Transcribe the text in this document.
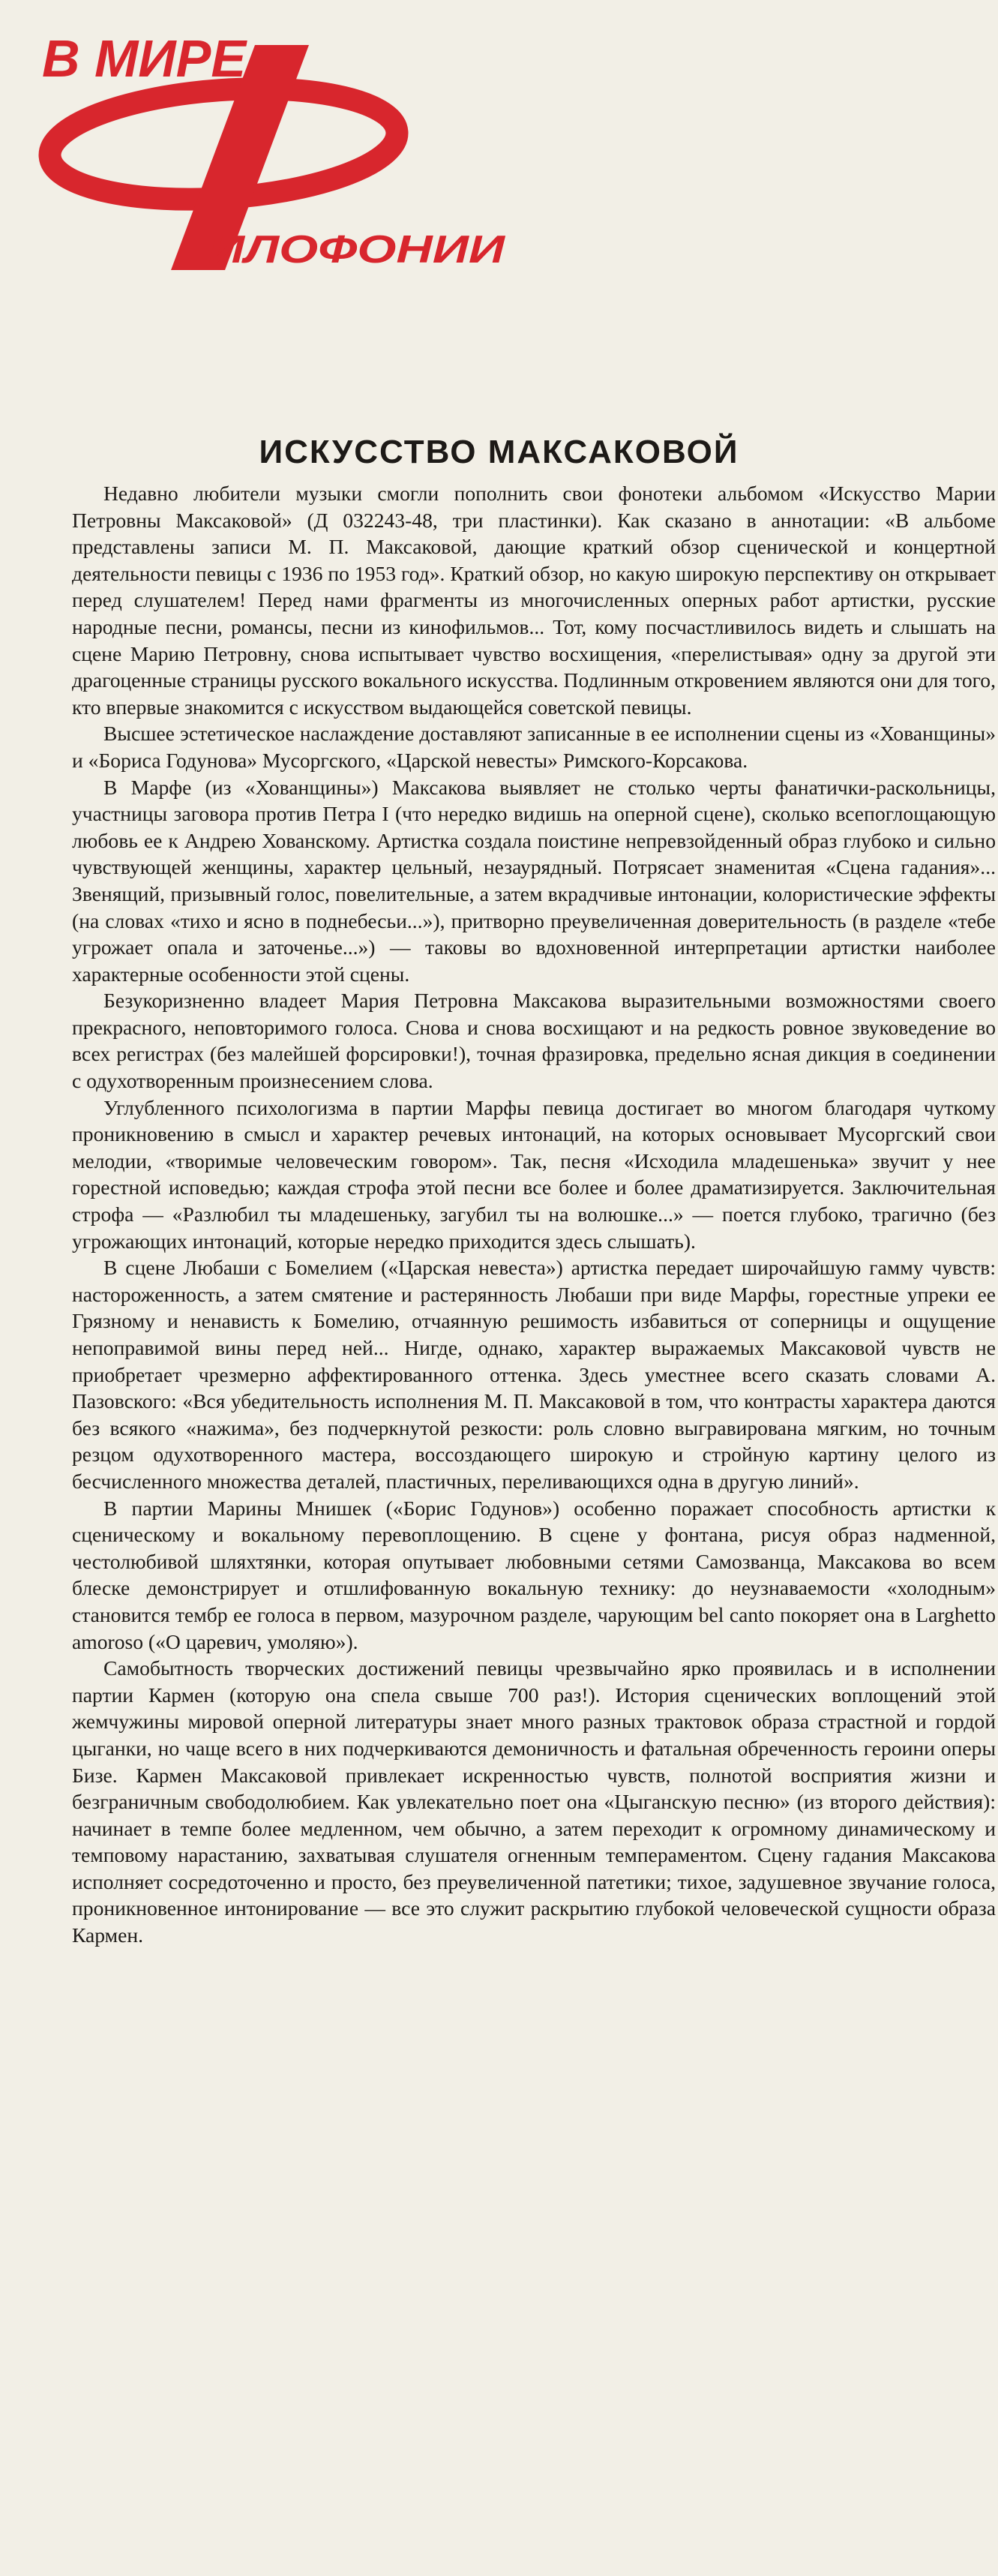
В МИРЕ
ИЛОФОНИИ
ИСКУССТВО МАКСАКОВОЙ

Недавно любители музыки смогли пополнить свои фонотеки альбомом «Искусство Марии Петровны Максаковой» (Д 032243-48, три пластинки). Как сказано в аннотации: «В альбоме представлены записи М. П. Максаковой, дающие краткий обзор сценической и концертной деятельности певицы с 1936 по 1953 год». Краткий обзор, но какую широкую перспективу он открывает перед слушателем! Перед нами фрагменты из многочисленных оперных работ артистки, русские народные песни, романсы, песни из кинофильмов... Тот, кому посчастливилось видеть и слышать на сцене Марию Петровну, снова испытывает чувство восхищения, «перелистывая» одну за другой эти драгоценные страницы русского вокального искусства. Подлинным откровением являются они для того, кто впервые знакомится с искусством выдающейся советской певицы.

Высшее эстетическое наслаждение доставляют записанные в ее исполнении сцены из «Хованщины» и «Бориса Годунова» Мусоргского, «Царской невесты» Римского-Корсакова.

В Марфе (из «Хованщины») Максакова выявляет не столько черты фанатички-раскольницы, участницы заговора против Петра I (что нередко видишь на оперной сцене), сколько всепоглощающую любовь ее к Андрею Хованскому. Артистка создала поистине непревзойденный образ глубоко и сильно чувствующей женщины, характер цельный, незаурядный. Потрясает знаменитая «Сцена гадания»... Звенящий, призывный голос, повелительные, а затем вкрадчивые интонации, колористические эффекты (на словах «тихо и ясно в поднебесьи...»), притворно преувеличенная доверительность (в разделе «тебе угрожает опала и заточенье...») — таковы во вдохновенной интерпретации артистки наиболее характерные особенности этой сцены.

Безукоризненно владеет Мария Петровна Максакова выразительными возможностями своего прекрасного, неповторимого голоса. Снова и снова восхищают и на редкость ровное звуковедение во всех регистрах (без малейшей форсировки!), точная фразировка, предельно ясная дикция в соединении с одухотворенным произнесением слова.

Углубленного психологизма в партии Марфы певица достигает во многом благодаря чуткому проникновению в смысл и характер речевых интонаций, на которых основывает Мусоргский свои мелодии, «творимые человеческим говором». Так, песня «Исходила младешенька» звучит у нее горестной исповедью; каждая строфа этой песни все более и более драматизируется. Заключительная строфа — «Разлюбил ты младешеньку, загубил ты на волюшке...» — поется глубоко, трагично (без угрожающих интонаций, которые нередко приходится здесь слышать).

В сцене Любаши с Бомелием («Царская невеста») артистка передает широчайшую гамму чувств: настороженность, а затем смятение и растерянность Любаши при виде Марфы, горестные упреки ее Грязному и ненависть к Бомелию, отчаянную решимость избавиться от соперницы и ощущение непоправимой вины перед ней... Нигде, однако, характер выражаемых Максаковой чувств не приобретает чрезмерно аффектированного оттенка. Здесь уместнее всего сказать словами А. Пазовского: «Вся убедительность исполнения М. П. Максаковой в том, что контрасты характера даются без всякого «нажима», без подчеркнутой резкости: роль словно выгравирована мягким, но точным резцом одухотворенного мастера, воссоздающего широкую и стройную картину целого из бесчисленного множества деталей, пластичных, переливающихся одна в другую линий».

В партии Марины Мнишек («Борис Годунов») особенно поражает способность артистки к сценическому и вокальному перевоплощению. В сцене у фонтана, рисуя образ надменной, честолюбивой шляхтянки, которая опутывает любовными сетями Самозванца, Максакова во всем блеске демонстрирует и отшлифованную вокальную технику: до неузнаваемости «холодным» становится тембр ее голоса в первом, мазурочном разделе, чарующим bel canto покоряет она в Larghetto amoroso («О царевич, умоляю»).

Самобытность творческих достижений певицы чрезвычайно ярко проявилась и в исполнении партии Кармен (которую она спела свыше 700 раз!). История сценических воплощений этой жемчужины мировой оперной литературы знает много разных трактовок образа страстной и гордой цыганки, но чаще всего в них подчеркиваются демоничность и фатальная обреченность героини оперы Бизе. Кармен Максаковой привлекает искренностью чувств, полнотой восприятия жизни и безграничным свободолюбием. Как увлекательно поет она «Цыганскую песню» (из второго действия): начинает в темпе более медленном, чем обычно, а затем переходит к огромному динамическому и темповому нарастанию, захватывая слушателя огненным темпераментом. Сцену гадания Максакова исполняет сосредоточенно и просто, без преувеличенной патетики; тихое, задушевное звучание голоса, проникновенное интонирование — все это служит раскрытию глубокой человеческой сущности образа Кармен.
